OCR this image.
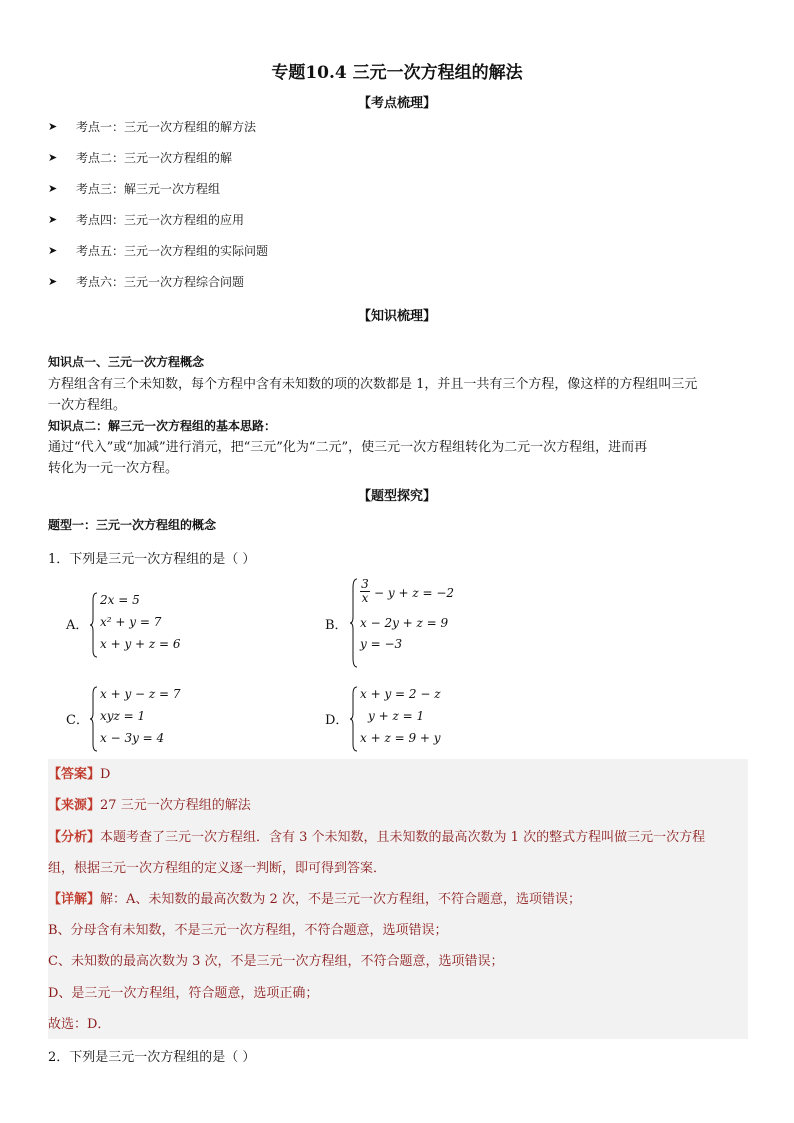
专题10.4 三元一次方程组的解法
【考点梳理】
➤	考点一：三元一次方程组的解方法
➤	考点二：三元一次方程组的解
➤	考点三：解三元一次方程组
➤	考点四：三元一次方程组的应用
➤	考点五：三元一次方程组的实际问题
➤	考点六：三元一次方程综合问题
【知识梳理】
知识点一、三元一次方程概念
方程组含有三个未知数，每个方程中含有未知数的项的次数都是 1，并且一共有三个方程，像这样的方程组叫三元
一次方程组。
知识点二：解三元一次方程组的基本思路：
通过“代入”或“加减”进行消元，把“三元”化为“二元”，使三元一次方程组转化为二元一次方程组，进而再
转化为一元一次方程。
【题型探究】
题型一：三元一次方程组的概念
1．下列是三元一次方程组的是（ ）
A．
2x = 5
x² + y = 7
x + y + z = 6
B．
$\frac{3}{x} - y + z = -2$
x − 2y + z = 9
y = −3
C．
x + y − z = 7
xyz = 1
x − 3y = 4
D．
x + y = 2 − z
y + z = 1
x + z = 9 + y
【答案】D
【来源】27 三元一次方程组的解法
【分析】本题考查了三元一次方程组．含有 3 个未知数，且未知数的最高次数为 1 次的整式方程叫做三元一次方程
组，根据三元一次方程组的定义逐一判断，即可得到答案．
【详解】解：A、未知数的最高次数为 2 次，不是三元一次方程组，不符合题意，选项错误；
B、分母含有未知数，不是三元一次方程组，不符合题意，选项错误；
C、未知数的最高次数为 3 次，不是三元一次方程组，不符合题意，选项错误；
D、是三元一次方程组，符合题意，选项正确；
故选：D．
2．下列是三元一次方程组的是（ ）
